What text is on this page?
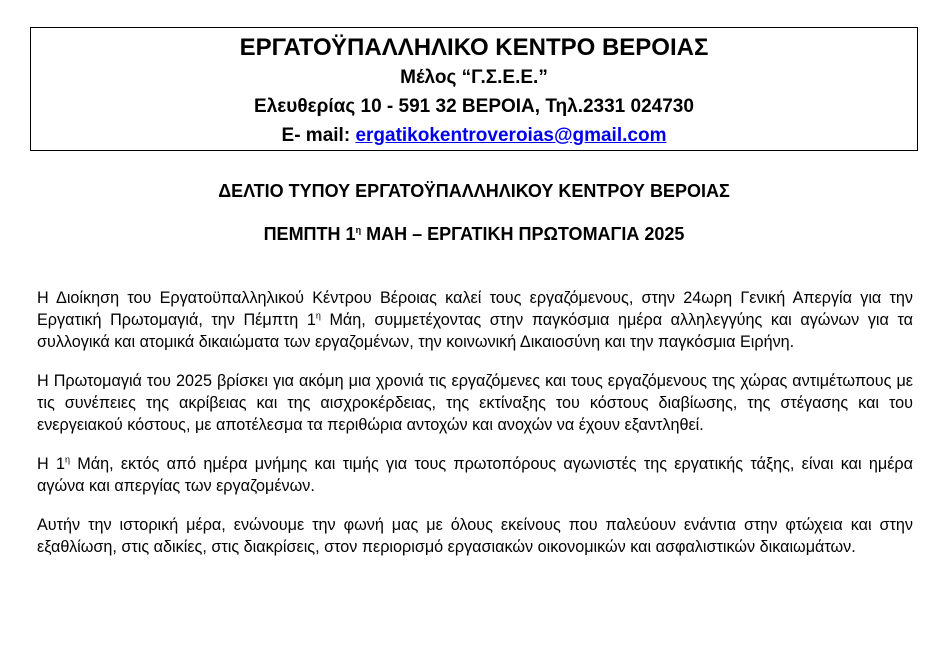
ΕΡΓΑΤΟΫΠΑΛΛΗΛΙΚΟ ΚΕΝΤΡΟ ΒΕΡΟΙΑΣ
Μέλος “Γ.Σ.Ε.Ε.”
Ελευθερίας 10 - 591 32 ΒΕΡΟΙΑ, Τηλ.2331 024730
E- mail: ergatikokentroveroias@gmail.com
ΔΕΛΤΙΟ ΤΥΠΟΥ ΕΡΓΑΤΟΫΠΑΛΛΗΛΙΚΟΥ ΚΕΝΤΡΟΥ ΒΕΡΟΙΑΣ
ΠΕΜΠΤΗ $1^\eta$ ΜΑΗ – ΕΡΓΑΤΙΚΗ ΠΡΩΤΟΜΑΓΙΑ 2025

Η Διοίκηση του Εργατοϋπαλληλικού Κέντρου Βέροιας καλεί τους εργαζόμενους, στην 24ωρη Γενική Απεργία για την Εργατική Πρωτομαγιά, την Πέμπτη $1^\eta$ Μάη, συμμετέχοντας στην παγκόσμια ημέρα αλληλεγγύης και αγώνων για τα συλλογικά και ατομικά δικαιώματα των εργαζομένων, την κοινωνική Δικαιοσύνη και την παγκόσμια Ειρήνη.

Η Πρωτομαγιά του 2025 βρίσκει για ακόμη μια χρονιά τις εργαζόμενες και τους εργαζόμενους της χώρας αντιμέτωπους με τις συνέπειες της ακρίβειας και της αισχροκέρδειας, της εκτίναξης του κόστους διαβίωσης, της στέγασης και του ενεργειακού κόστους, με αποτέλεσμα τα περιθώρια αντοχών και ανοχών να έχουν εξαντληθεί.

Η $1^\eta$ Μάη, εκτός από ημέρα μνήμης και τιμής για τους πρωτοπόρους αγωνιστές της εργατικής τάξης, είναι και ημέρα αγώνα και απεργίας των εργαζομένων.

Αυτήν την ιστορική μέρα, ενώνουμε την φωνή μας με όλους εκείνους που παλεύουν ενάντια στην φτώχεια και στην εξαθλίωση, στις αδικίες, στις διακρίσεις, στον περιορισμό εργασιακών οικονομικών και ασφαλιστικών δικαιωμάτων.
